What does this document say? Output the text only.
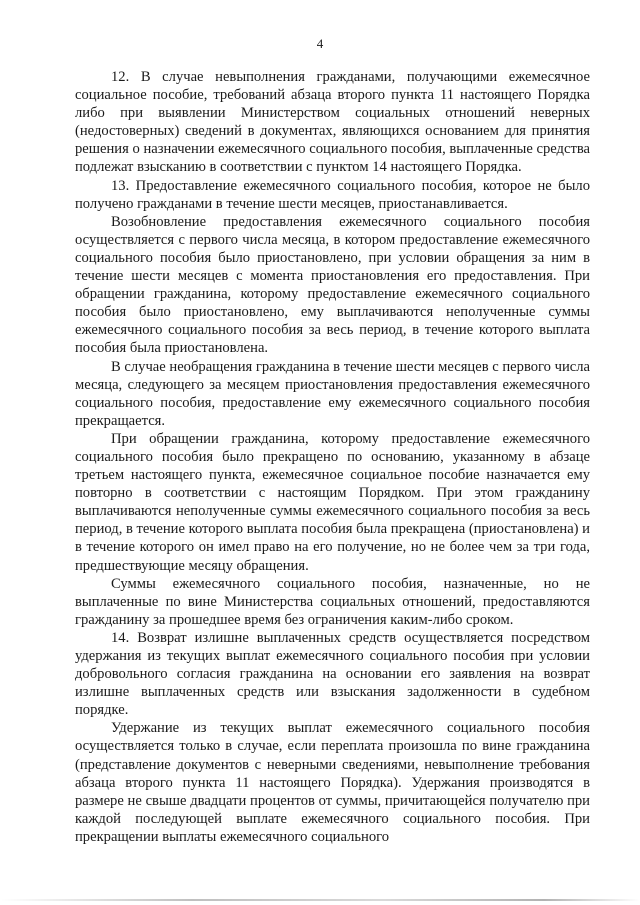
4

12. В случае невыполнения гражданами, получающими ежемесячное социальное пособие, требований абзаца второго пункта 11 настоящего Порядка либо при выявлении Министерством социальных отношений неверных (недостоверных) сведений в документах, являющихся основанием для принятия решения о назначении ежемесячного социального пособия, выплаченные средства подлежат взысканию в соответствии с пунктом 14 настоящего Порядка.

13. Предоставление ежемесячного социального пособия, которое не было получено гражданами в течение шести месяцев, приостанавливается.

Возобновление предоставления ежемесячного социального пособия осуществляется с первого числа месяца, в котором предоставление ежемесячного социального пособия было приостановлено, при условии обращения за ним в течение шести месяцев с момента приостановления его предоставления. При обращении гражданина, которому предоставление ежемесячного социального пособия было приостановлено, ему выплачиваются неполученные суммы ежемесячного социального пособия за весь период, в течение которого выплата пособия была приостановлена.

В случае необращения гражданина в течение шести месяцев с первого числа месяца, следующего за месяцем приостановления предоставления ежемесячного социального пособия, предоставление ему ежемесячного социального пособия прекращается.

При обращении гражданина, которому предоставление ежемесячного социального пособия было прекращено по основанию, указанному в абзаце третьем настоящего пункта, ежемесячное социальное пособие назначается ему повторно в соответствии с настоящим Порядком. При этом гражданину выплачиваются неполученные суммы ежемесячного социального пособия за весь период, в течение которого выплата пособия была прекращена (приостановлена) и в течение которого он имел право на его получение, но не более чем за три года, предшествующие месяцу обращения.

Суммы ежемесячного социального пособия, назначенные, но не выплаченные по вине Министерства социальных отношений, предоставляются гражданину за прошедшее время без ограничения каким-либо сроком.

14. Возврат излишне выплаченных средств осуществляется посредством удержания из текущих выплат ежемесячного социального пособия при условии добровольного согласия гражданина на основании его заявления на возврат излишне выплаченных средств или взыскания задолженности в судебном порядке.

Удержание из текущих выплат ежемесячного социального пособия осуществляется только в случае, если переплата произошла по вине гражданина (представление документов с неверными сведениями, невыполнение требования абзаца второго пункта 11 настоящего Порядка). Удержания производятся в размере не свыше двадцати процентов от суммы, причитающейся получателю при каждой последующей выплате ежемесячного социального пособия. При прекращении выплаты ежемесячного социального
